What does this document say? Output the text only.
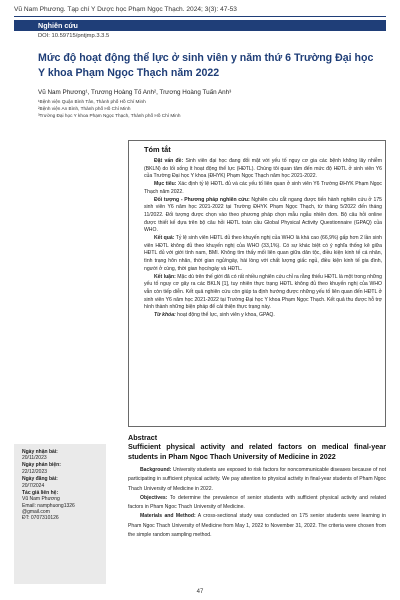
Vũ Nam Phương. Tạp chí Y Dược học Phạm Ngọc Thạch. 2024; 3(3): 47-53
Nghiên cứu
DOI: 10.59715/pntjmp.3.3.5
Mức độ hoạt động thể lực ở sinh viên y năm thứ 6 Trường Đại học Y khoa Phạm Ngọc Thạch năm 2022
Vũ Nam Phương¹, Trương Hoàng Tố Anh², Trương Hoàng Tuấn Anh³
¹Bệnh viện Quận Bình Tân, Thành phố Hồ Chí Minh
²Bệnh viện An Bình, Thành phố Hồ Chí Minh
³Trường Đại học Y khoa Phạm Ngọc Thạch, Thành phố Hồ Chí Minh
Tóm tắt

Đặt vấn đề: Sinh viên đại học đang đối mặt với yếu tố nguy cơ gia các bệnh không lây nhiễm (BKLN) do lối sống ít hoạt động thể lực (HĐTL). Chúng tôi quan tâm đến mức độ HĐTL ở sinh viên Y6 của Trường Đại học Y khoa (ĐHYK) Phạm Ngọc Thạch năm học 2021-2022.

Mục tiêu: Xác định tỷ lệ HĐTL đủ và các yếu tố liên quan ở sinh viên Y6 Trường ĐHYK Phạm Ngọc Thạch năm 2022.

Đối tượng - Phương pháp nghiên cứu: Nghiên cứu cắt ngang được tiến hành nghiên cứu ở 175 sinh viên Y6 năm học 2021-2022 tại Trường ĐHYK Phạm Ngọc Thạch, từ tháng 5/2022 đến tháng 11/2022. Đối tượng được chọn vào theo phương pháp chọn mẫu ngẫu nhiên đơn. Bộ câu hỏi online được thiết kế dựa trên bộ câu hỏi HĐTL toàn cầu Global Physical Activity Questionnaire (GPAQ) của WHO.

Kết quả: Tỷ lệ sinh viên HĐTL đủ theo khuyến nghị của WHO là khá cao (66,9%) gấp hơn 2 lần sinh viên HĐTL không đủ theo khuyến nghị của WHO (33,1%). Có sự khác biệt có ý nghĩa thống kê giữa HĐTL đủ với giới tính nam, BMI. Không tìm thấy mối liên quan giữa dân tộc, điều kiện kinh tế cá nhân, tình trạng hôn nhân, thời gian ngủ/ngày, hài lòng với chất lượng giấc ngủ, điều kiện kinh tế gia đình, người ở cùng, thời gian học/ngày và HĐTL.

Kết luận: Mặc dù trên thế giới đã có rất nhiều nghiên cứu chỉ ra rằng thiếu HĐTL là một trong những yếu tố nguy cơ gây ra các BKLN [1], tuy nhiên thực trạng HĐTL không đủ theo khuyến nghị của WHO vẫn còn tiếp diễn. Kết quả nghiên cứu còn giúp ta định hướng được những yếu tố liên quan đến HĐTL ở sinh viên Y6 năm học 2021-2022 tại Trường Đại học Y khoa Phạm Ngọc Thạch. Kết quả thu được hỗ trợ hình thành những biện pháp để cải thiện thực trạng này.

Từ khóa: hoạt động thể lực, sinh viên y khoa, GPAQ.

Abstract
Sufficient physical activity and related factors on medical final-year students in Pham Ngoc Thach University of Medicine in 2022

Background: University students are exposed to risk factors for noncommunicable diseases because of not participating in sufficient physical activity. We pay attention to physical activity in final-year students of Pham Ngoc Thach University of Medicine in 2022.

Objectives: To determine the prevalence of senior students with sufficient physical activity and related factors in Pham Ngoc Thach University of Medicine.

Materials and Method: A cross-sectional study was conducted on 175 senior students were learning in Pham Ngoc Thach University of Medicine from May 1, 2022 to November 31, 2022. The criteria were chosen from the simple random sampling method.

Ngày nhận bài:
20/11/2023
Ngày phản biện:
22/12/2023
Ngày đăng bài:
20/7/2024
Tác giả liên hệ:
Vũ Nam Phương
Email: namphuong1326
@gmail.com
ĐT: 0707310126
47
